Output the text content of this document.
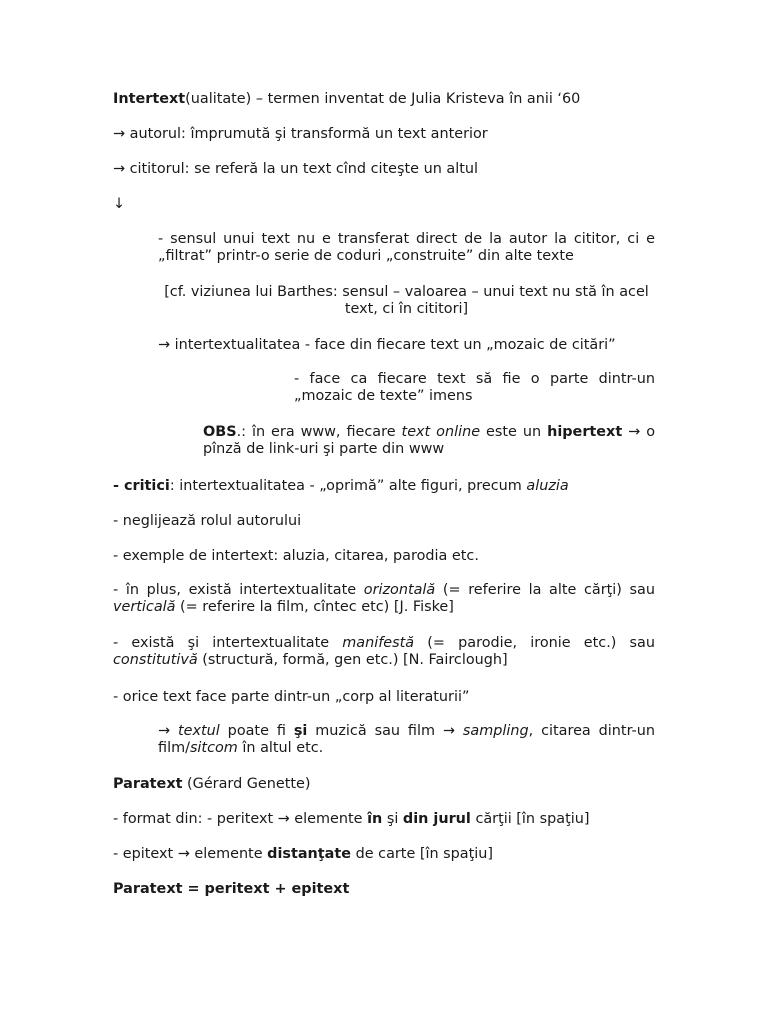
Intertext(ualitate) – termen inventat de Julia Kristeva în anii ‘60

→ autorul: împrumută şi transformă un text anterior

→ cititorul: se referă la un text cînd citeşte un altul

↓

- sensul unui text nu e transferat direct de la autor la cititor, ci e „filtrat” printr-o serie de coduri „construite” din alte texte

[cf. viziunea lui Barthes: sensul – valoarea – unui text nu stă în acel text, ci în cititori]

→ intertextualitatea - face din fiecare text un „mozaic de citări”

- face ca fiecare text să fie o parte dintr-un „mozaic de texte” imens

OBS.: în era www, fiecare text online este un hipertext → o pînză de link-uri şi parte din www

- critici: intertextualitatea - „oprimă” alte figuri, precum aluzia

- neglijează rolul autorului

- exemple de intertext: aluzia, citarea, parodia etc.

- în plus, există intertextualitate orizontală (= referire la alte cărţi) sau verticală (= referire la film, cîntec etc) [J. Fiske]

- există şi intertextualitate manifestă (= parodie, ironie etc.) sau constitutivă (structură, formă, gen etc.) [N. Fairclough]

- orice text face parte dintr-un „corp al literaturii”

→ textul poate fi şi muzică sau film → sampling, citarea dintr-un film/sitcom în altul etc.

Paratext (Gérard Genette)

- format din: - peritext → elemente în şi din jurul cărţii [în spaţiu]

- epitext → elemente distanţate de carte [în spaţiu]

Paratext = peritext + epitext
